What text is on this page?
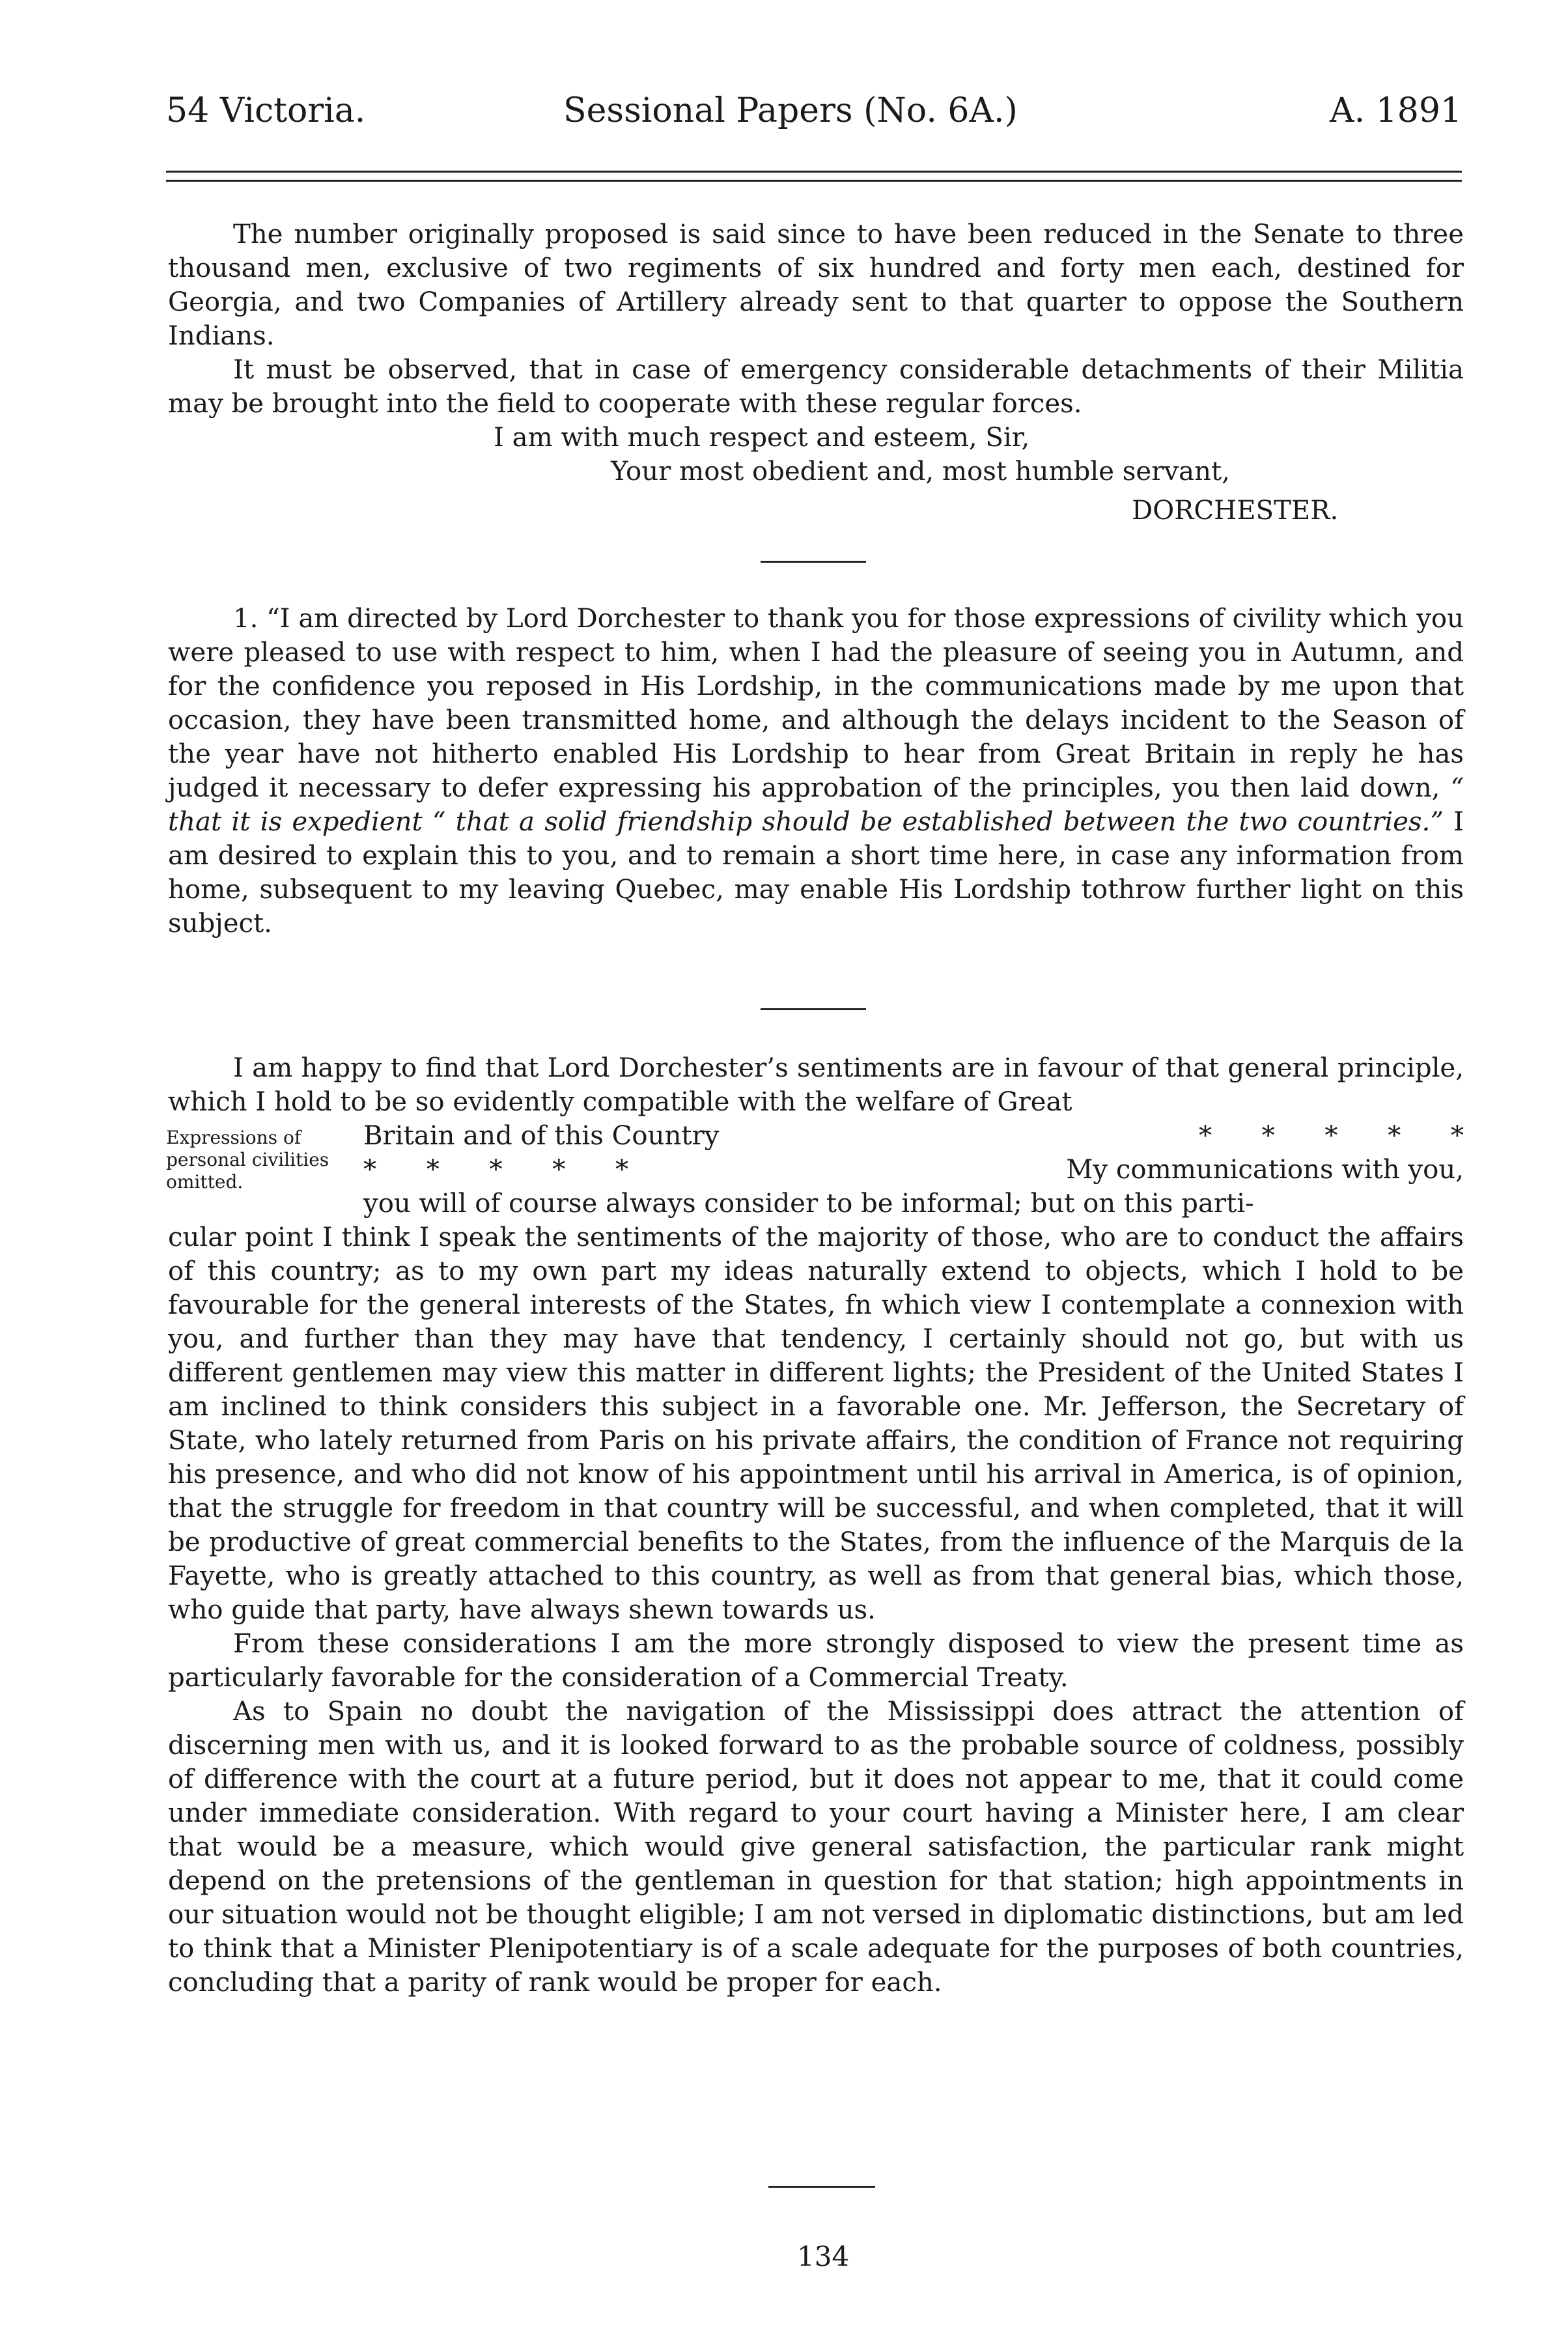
54 Victoria.	Sessional Papers (No. 6A.)	A. 1891

The number originally proposed is said since to have been reduced in the Senate to three thousand men, exclusive of two regiments of six hundred and forty men each, destined for Georgia, and two Companies of Artillery already sent to that quarter to oppose the Southern Indians.

It must be observed, that in case of emergency considerable detachments of their Militia may be brought into the field to cooperate with these regular forces.

I am with much respect and esteem, Sir,

Your most obedient and, most humble servant,

DORCHESTER.

1. “I am directed by Lord Dorchester to thank you for those expressions of civility which you were pleased to use with respect to him, when I had the pleasure of seeing you in Autumn, and for the confidence you reposed in His Lordship, in the communications made by me upon that occasion, they have been transmitted home, and although the delays incident to the Season of the year have not hitherto enabled His Lordship to hear from Great Britain in reply he has judged it necessary to defer expressing his approbation of the principles, you then laid down, “ that it is expedient “ that a solid friendship should be established between the two countries.” I am desired to explain this to you, and to remain a short time here, in case any information from home, subsequent to my leaving Quebec, may enable His Lordship tothrow further light on this subject.

Expressions of personal civilities omitted.

I am happy to find that Lord Dorchester’s sentiments are in favour of that general principle, which I hold to be so evidently compatible with the welfare of Great

Britain and of this Country	*      *      *      *      *

*      *      *      *      *	My communications with you,

you will of course always consider to be informal; but on this parti-

cular point I think I speak the sentiments of the majority of those, who are to conduct the affairs of this country; as to my own part my ideas naturally extend to objects, which I hold to be favourable for the general interests of the States, fn which view I contemplate a connexion with you, and further than they may have that tendency, I certainly should not go, but with us different gentlemen may view this matter in different lights; the President of the United States I am inclined to think considers this subject in a favorable one. Mr. Jefferson, the Secretary of State, who lately returned from Paris on his private affairs, the condition of France not requiring his presence, and who did not know of his appointment until his arrival in America, is of opinion, that the struggle for freedom in that country will be successful, and when completed, that it will be productive of great commercial benefits to the States, from the influence of the Marquis de la Fayette, who is greatly attached to this country, as well as from that general bias, which those, who guide that party, have always shewn towards us.

From these considerations I am the more strongly disposed to view the present time as particularly favorable for the consideration of a Commercial Treaty.

As to Spain no doubt the navigation of the Mississippi does attract the attention of discerning men with us, and it is looked forward to as the probable source of coldness, possibly of difference with the court at a future period, but it does not appear to me, that it could come under immediate consideration. With regard to your court having a Minister here, I am clear that would be a measure, which would give general satisfaction, the particular rank might depend on the pretensions of the gentleman in question for that station; high appointments in our situation would not be thought eligible; I am not versed in diplomatic distinctions, but am led to think that a Minister Plenipotentiary is of a scale adequate for the purposes of both countries, concluding that a parity of rank would be proper for each.

134
